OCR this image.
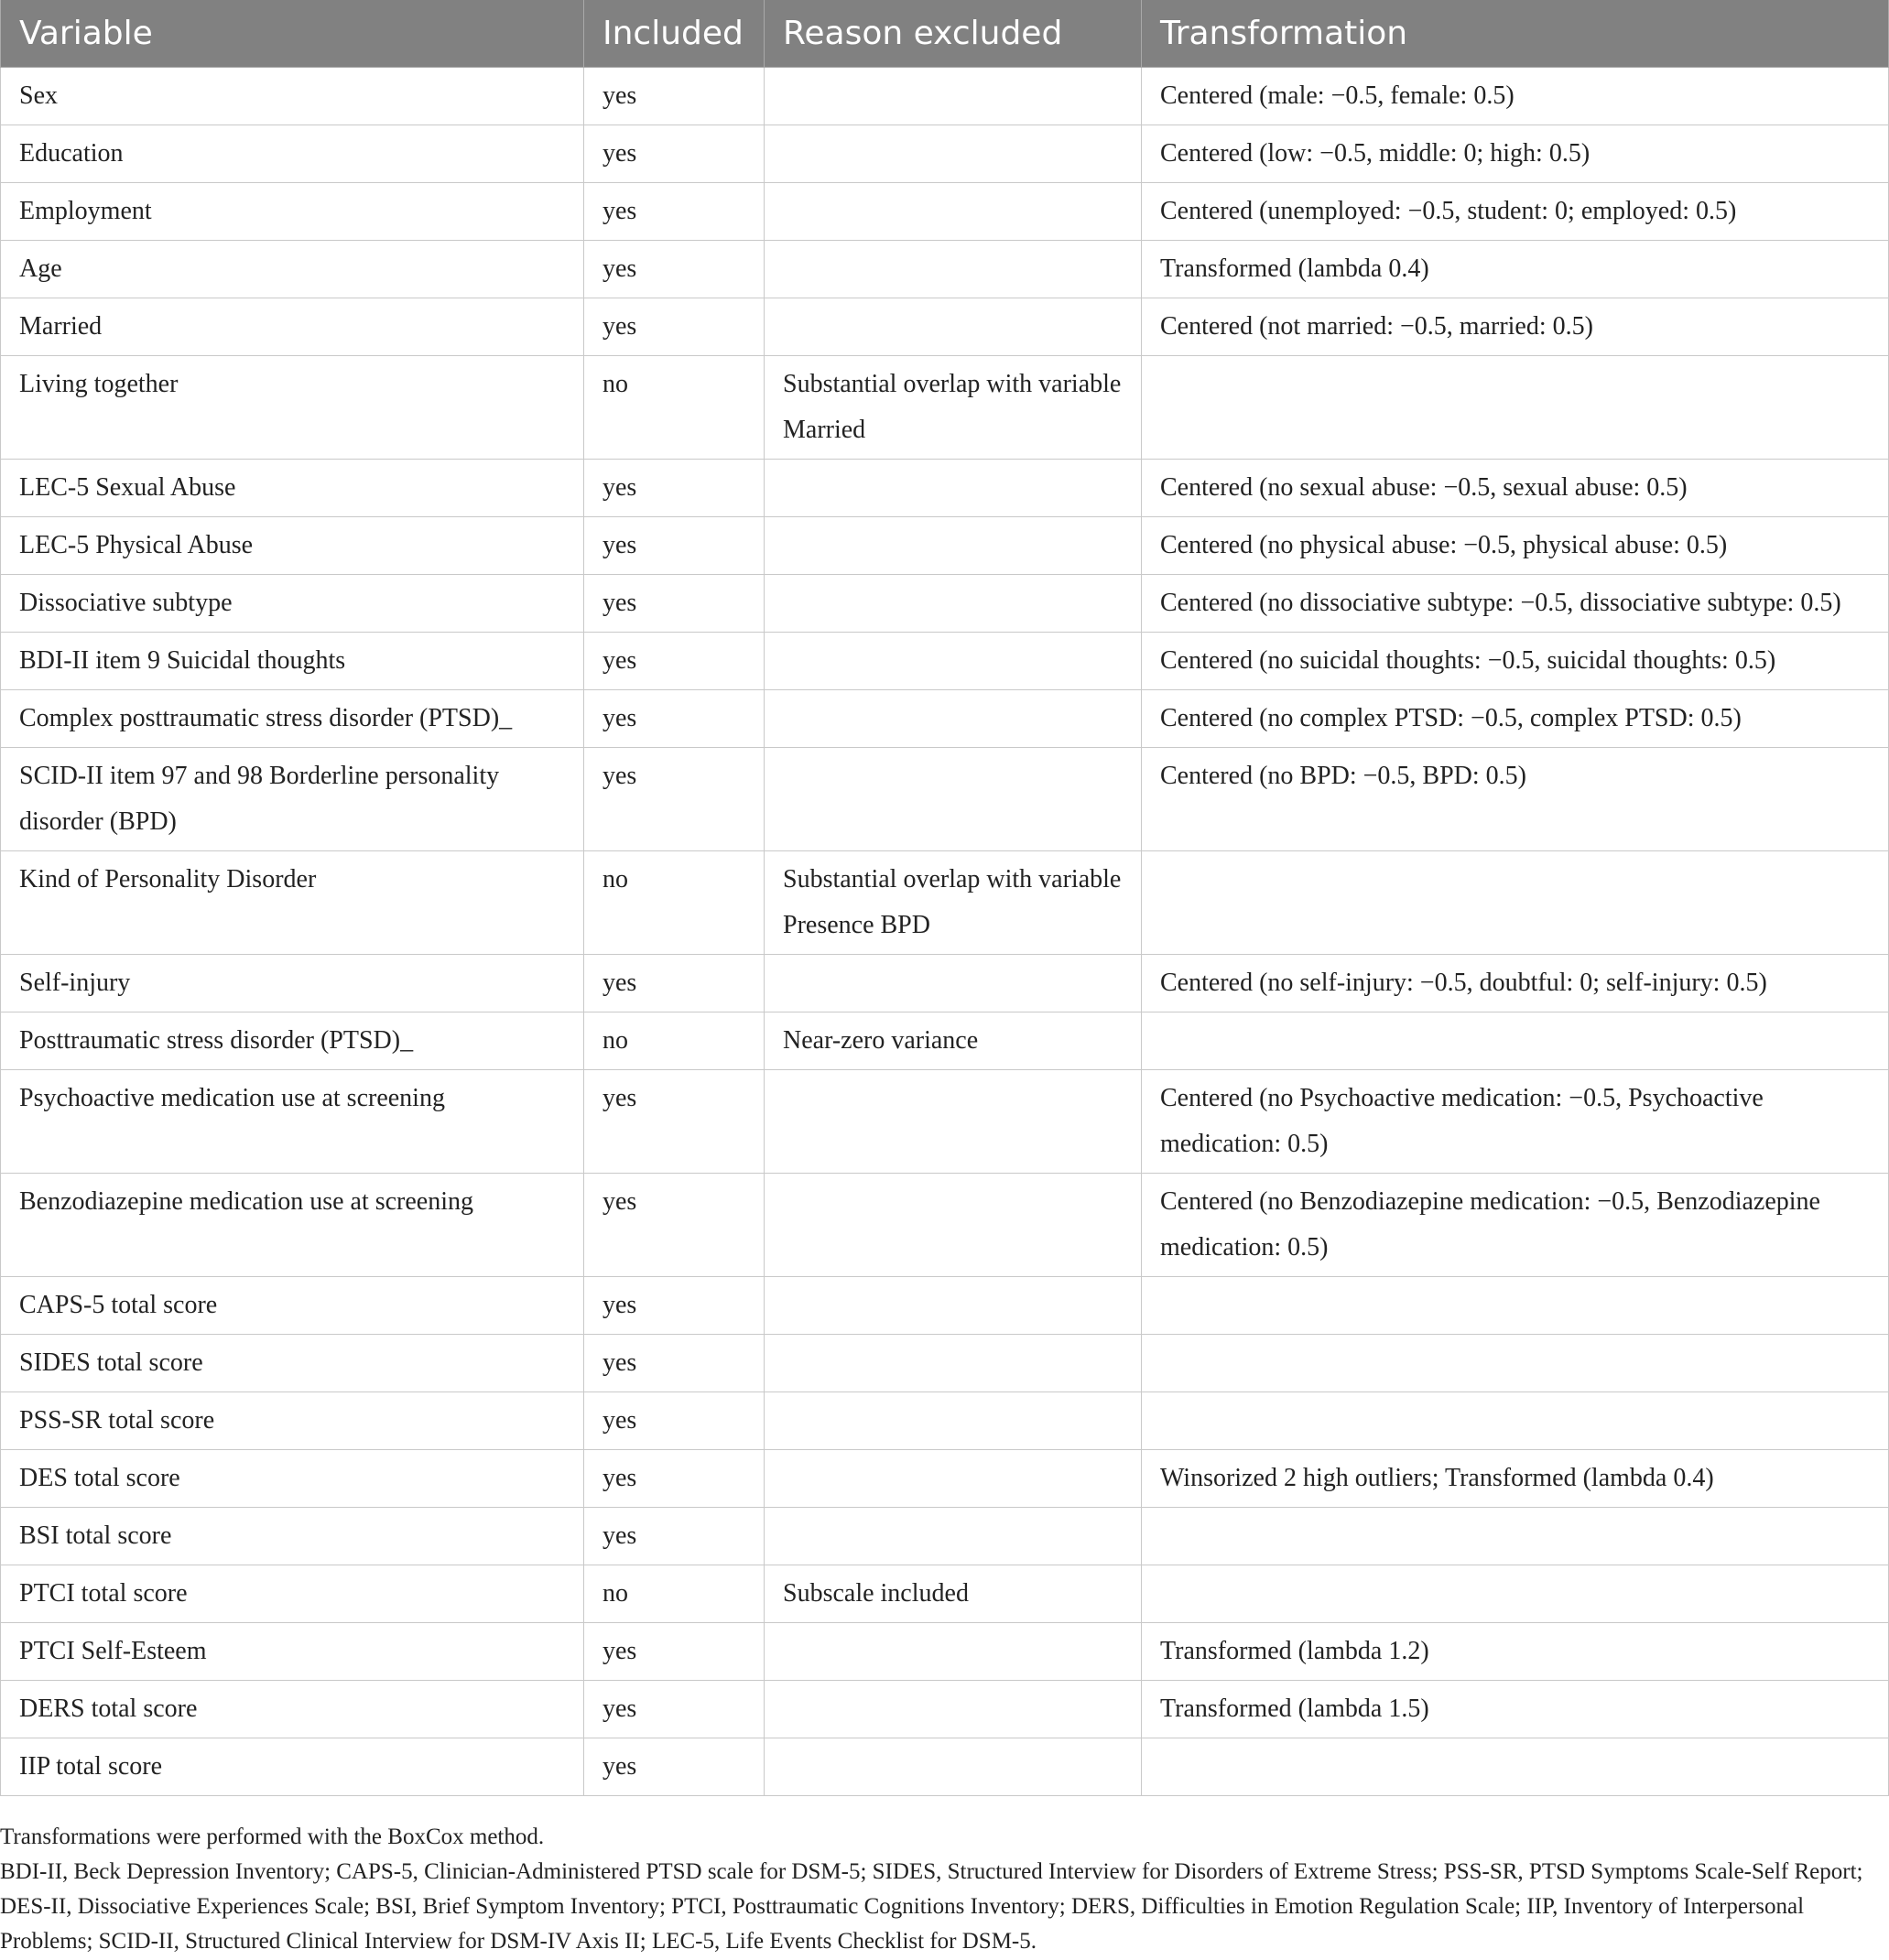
Variable	Included	Reason excluded	Transformation
Sex	yes		Centered (male: −0.5, female: 0.5)
Education	yes		Centered (low: −0.5, middle: 0; high: 0.5)
Employment	yes		Centered (unemployed: −0.5, student: 0; employed: 0.5)
Age	yes		Transformed (lambda 0.4)
Married	yes		Centered (not married: −0.5, married: 0.5)
Living together	no	Substantial overlap with variable Married	
LEC-5 Sexual Abuse	yes		Centered (no sexual abuse: −0.5, sexual abuse: 0.5)
LEC-5 Physical Abuse	yes		Centered (no physical abuse: −0.5, physical abuse: 0.5)
Dissociative subtype	yes		Centered (no dissociative subtype: −0.5, dissociative subtype: 0.5)
BDI-II item 9 Suicidal thoughts	yes		Centered (no suicidal thoughts: −0.5, suicidal thoughts: 0.5)
Complex posttraumatic stress disorder (PTSD)_	yes		Centered (no complex PTSD: −0.5, complex PTSD: 0.5)
SCID-II item 97 and 98 Borderline personality disorder (BPD)	yes		Centered (no BPD: −0.5, BPD: 0.5)
Kind of Personality Disorder	no	Substantial overlap with variable Presence BPD	
Self-injury	yes		Centered (no self-injury: −0.5, doubtful: 0; self-injury: 0.5)
Posttraumatic stress disorder (PTSD)_	no	Near-zero variance	
Psychoactive medication use at screening	yes		Centered (no Psychoactive medication: −0.5, Psychoactive medication: 0.5)
Benzodiazepine medication use at screening	yes		Centered (no Benzodiazepine medication: −0.5, Benzodiazepine medication: 0.5)
CAPS-5 total score	yes		
SIDES total score	yes		
PSS-SR total score	yes		
DES total score	yes		Winsorized 2 high outliers; Transformed (lambda 0.4)
BSI total score	yes		
PTCI total score	no	Subscale included	
PTCI Self-Esteem	yes		Transformed (lambda 1.2)
DERS total score	yes		Transformed (lambda 1.5)
IIP total score	yes		

Transformations were performed with the BoxCox method.

BDI-II, Beck Depression Inventory; CAPS-5, Clinician-Administered PTSD scale for DSM-5; SIDES, Structured Interview for Disorders of Extreme Stress; PSS-SR, PTSD Symptoms Scale-Self Report; DES-II, Dissociative Experiences Scale; BSI, Brief Symptom Inventory; PTCI, Posttraumatic Cognitions Inventory; DERS, Difficulties in Emotion Regulation Scale; IIP, Inventory of Interpersonal Problems; SCID-II, Structured Clinical Interview for DSM-IV Axis II; LEC-5, Life Events Checklist for DSM-5.
